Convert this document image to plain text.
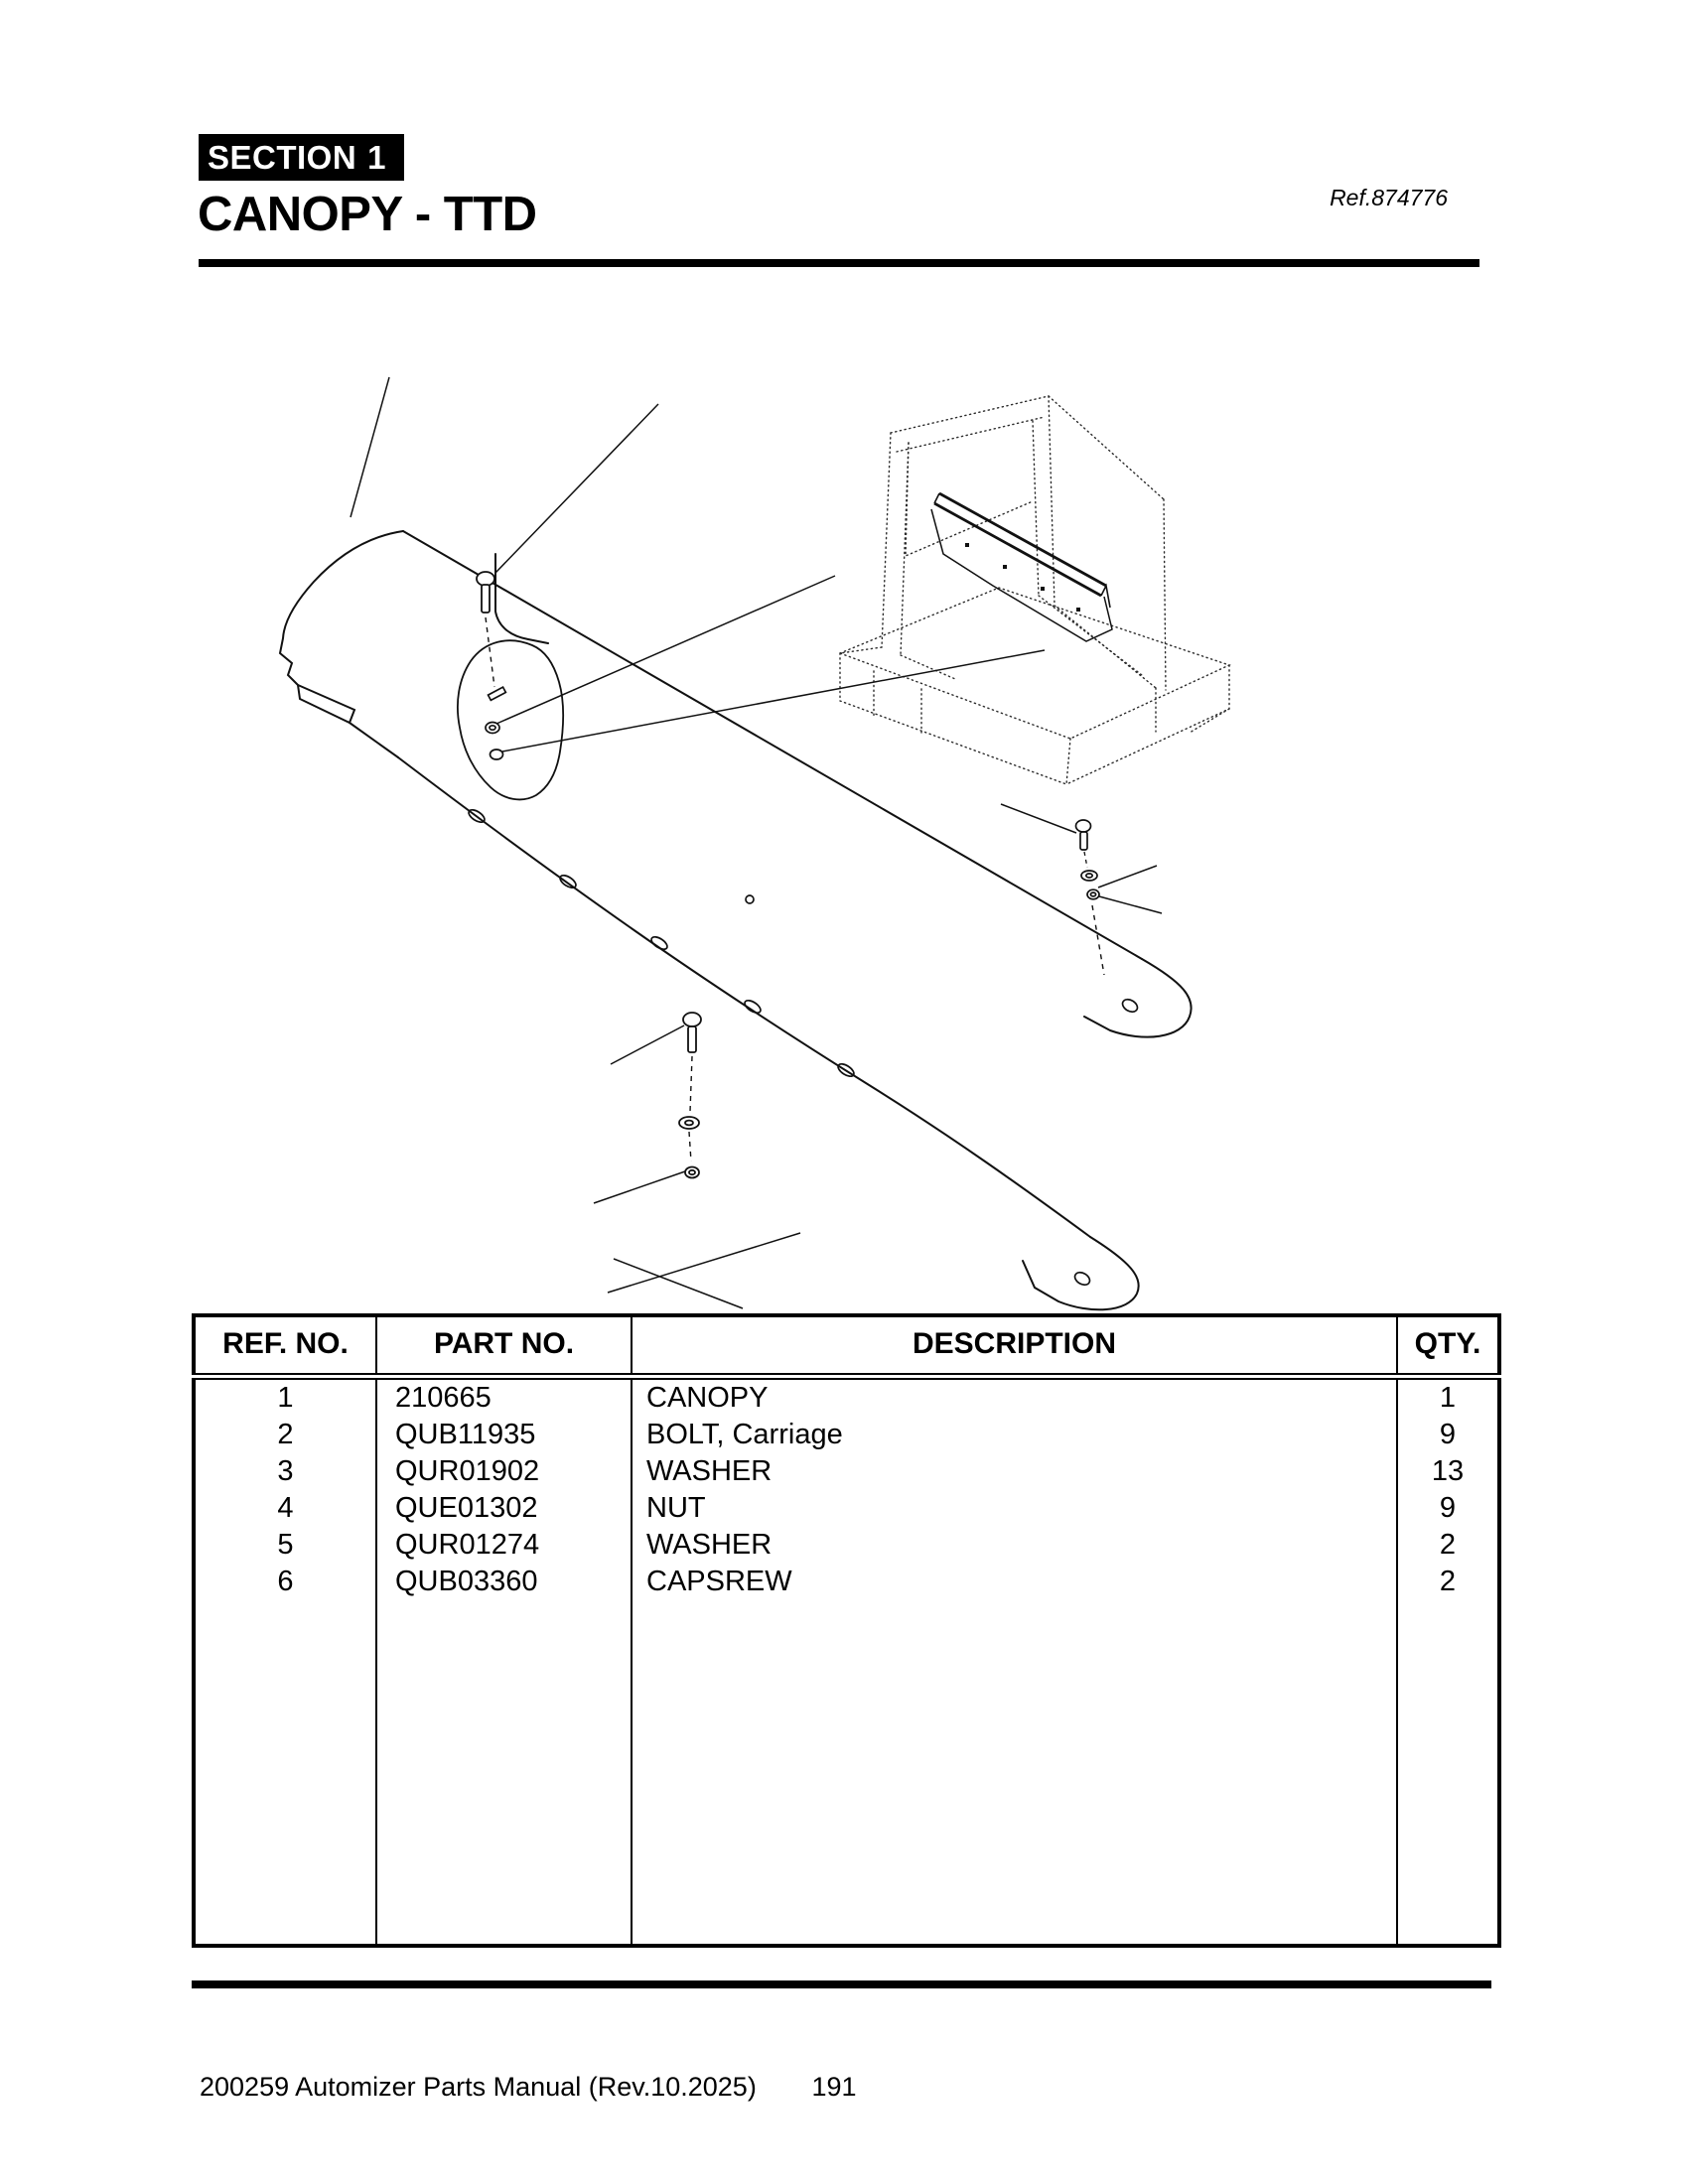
SECTION 1
CANOPY - TTD	Ref.874776
REF. NO.	PART NO.	DESCRIPTION	QTY.
1	210665	CANOPY	1
2	QUB11935	BOLT, Carriage	9
3	QUR01902	WASHER	13
4	QUE01302	NUT	9
5	QUR01274	WASHER	2
6	QUB03360	CAPSREW	2

200259 Automizer Parts Manual (Rev.10.2025)	191
